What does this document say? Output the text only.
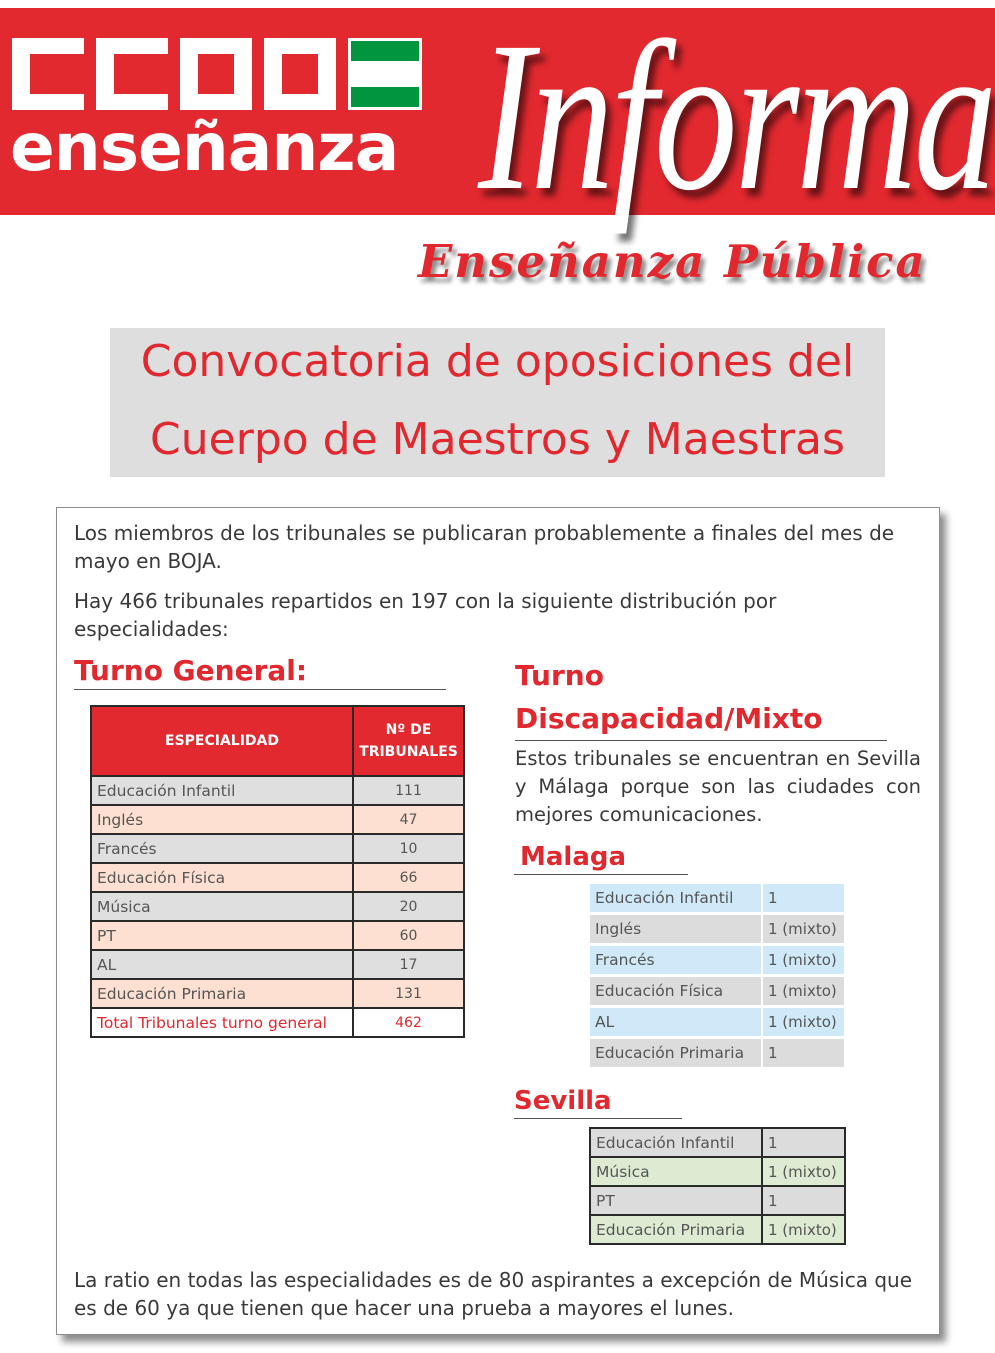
enseñanza Informa
Enseñanza Pública
Convocatoria de oposiciones del
Cuerpo de Maestros y Maestras

Los miembros de los tribunales se publicaran probablemente a finales del mes de mayo en BOJA.

Hay 466 tribunales repartidos en 197 con la siguiente distribución por especialidades:

Turno General:
ESPECIALIDAD	Nº DE TRIBUNALES
Educación Infantil	111
Inglés	47
Francés	10
Educación Física	66
Música	20
PT	60
AL	17
Educación Primaria	131
Total Tribunales turno general	462
Turno
Discapacidad/Mixto

Estos tribunales se encuentran en Sevilla y Málaga porque son las ciudades con mejores comunicaciones.

Malaga
Educación Infantil	1
Inglés	1 (mixto)
Francés	1 (mixto)
Educación Física	1 (mixto)
AL	1 (mixto)
Educación Primaria	1
Sevilla
Educación Infantil	1
Música	1 (mixto)
PT	1
Educación Primaria	1 (mixto)

La ratio en todas las especialidades es de 80 aspirantes a excepción de Música que es de 60 ya que tienen que hacer una prueba a mayores el lunes.
